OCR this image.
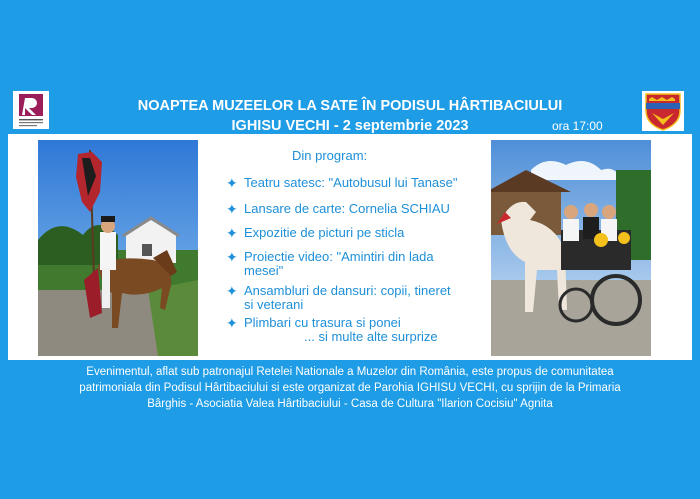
NOAPTEA MUZEELOR LA SATE ÎN PODISUL HÂRTIBACIULUI
IGHISU VECHI - 2 septembrie 2023	ora 17:00
Din program:
✦ Teatru satesc: "Autobusul lui Tanase"
✦ Lansare de carte: Cornelia SCHIAU
✦ Expozitie de picturi pe sticla
✦ Proiectie video: "Amintiri din lada
mesei"
✦ Ansambluri de dansuri: copii, tineret
si veterani
✦ Plimbari cu trasura si ponei
... si multe alte surprize
Evenimentul, aflat sub patronajul Retelei Nationale a Muzelor din România, este propus de comunitatea
patrimoniala din Podisul Hârtibaciului si este organizat de Parohia IGHISU VECHI, cu sprijin de la Primaria
Bârghis - Asociatia Valea Hârtibaciului - Casa de Cultura "Ilarion Cocisiu" Agnita
